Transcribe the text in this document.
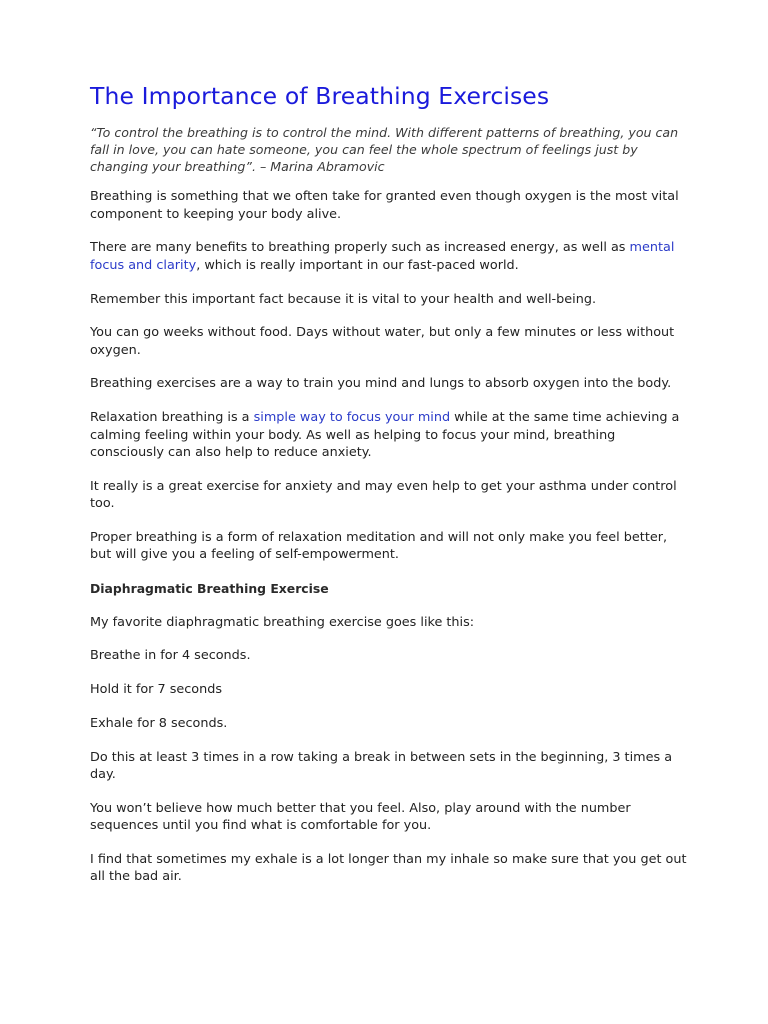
The Importance of Breathing Exercises

“To control the breathing is to control the mind. With different patterns of breathing, you can fall in love, you can hate someone, you can feel the whole spectrum of feelings just by changing your breathing”. – Marina Abramovic

Breathing is something that we often take for granted even though oxygen is the most vital component to keeping your body alive.

There are many benefits to breathing properly such as increased energy, as well as mental focus and clarity, which is really important in our fast-paced world.

Remember this important fact because it is vital to your health and well-being.

You can go weeks without food. Days without water, but only a few minutes or less without oxygen.

Breathing exercises are a way to train you mind and lungs to absorb oxygen into the body.

Relaxation breathing is a simple way to focus your mind while at the same time achieving a calming feeling within your body. As well as helping to focus your mind, breathing consciously can also help to reduce anxiety.

It really is a great exercise for anxiety and may even help to get your asthma under control too.

Proper breathing is a form of relaxation meditation and will not only make you feel better, but will give you a feeling of self-empowerment.

Diaphragmatic Breathing Exercise

My favorite diaphragmatic breathing exercise goes like this:

Breathe in for 4 seconds.

Hold it for 7 seconds

Exhale for 8 seconds.

Do this at least 3 times in a row taking a break in between sets in the beginning, 3 times a day.

You won’t believe how much better that you feel. Also, play around with the number sequences until you find what is comfortable for you.

I find that sometimes my exhale is a lot longer than my inhale so make sure that you get out all the bad air.
